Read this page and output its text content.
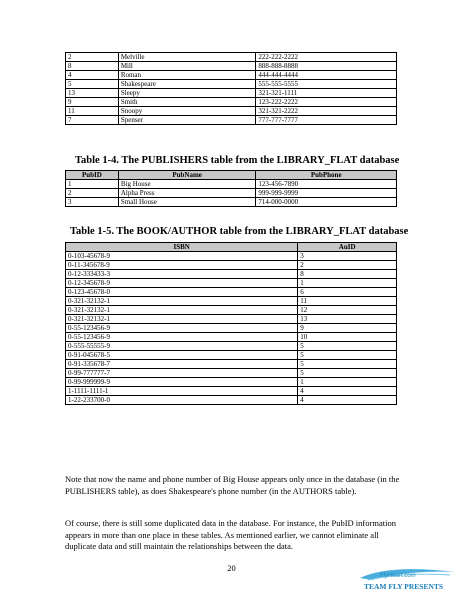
2	Melville	222-222-2222
8	Mill	888-888-8888
4	Roman	444-444-4444
5	Shakespeare	555-555-5555
13	Sleepy	321-321-1111
9	Smith	123-222-2222
11	Snoopy	321-321-2222
7	Spenser	777-777-7777
Table 1-4. The PUBLISHERS table from the LIBRARY_FLAT database
PubID	PubName	PubPhone
1	Big House	123-456-7890
2	Alpha Press	999-999-9999
3	Small House	714-000-0000
Table 1-5. The BOOK/AUTHOR table from the LIBRARY_FLAT database
ISBN	AuID
0-103-45678-9	3
0-11-345678-9	2
0-12-333433-3	8
0-12-345678-9	1
0-123-45678-0	6
0-321-32132-1	11
0-321-32132-1	12
0-321-32132-1	13
0-55-123456-9	9
0-55-123456-9	10
0-555-55555-9	5
0-91-045678-5	5
0-91-335678-7	5
0-99-777777-7	5
0-99-999999-9	1
1-1111-1111-1	4
1-22-233700-0	4

Note that now the name and phone number of Big House appears only once in the database (in the PUBLISHERS table), as does Shakespeare's phone number (in the AUTHORS table).

Of course, there is still some duplicated data in the database. For instance, the PubID information appears in more than one place in these tables. As mentioned earlier, we cannot eliminate all duplicate data and still maintain the relationships between the data.

20
FlyHeart.com
TEAM FLY PRESENTS
